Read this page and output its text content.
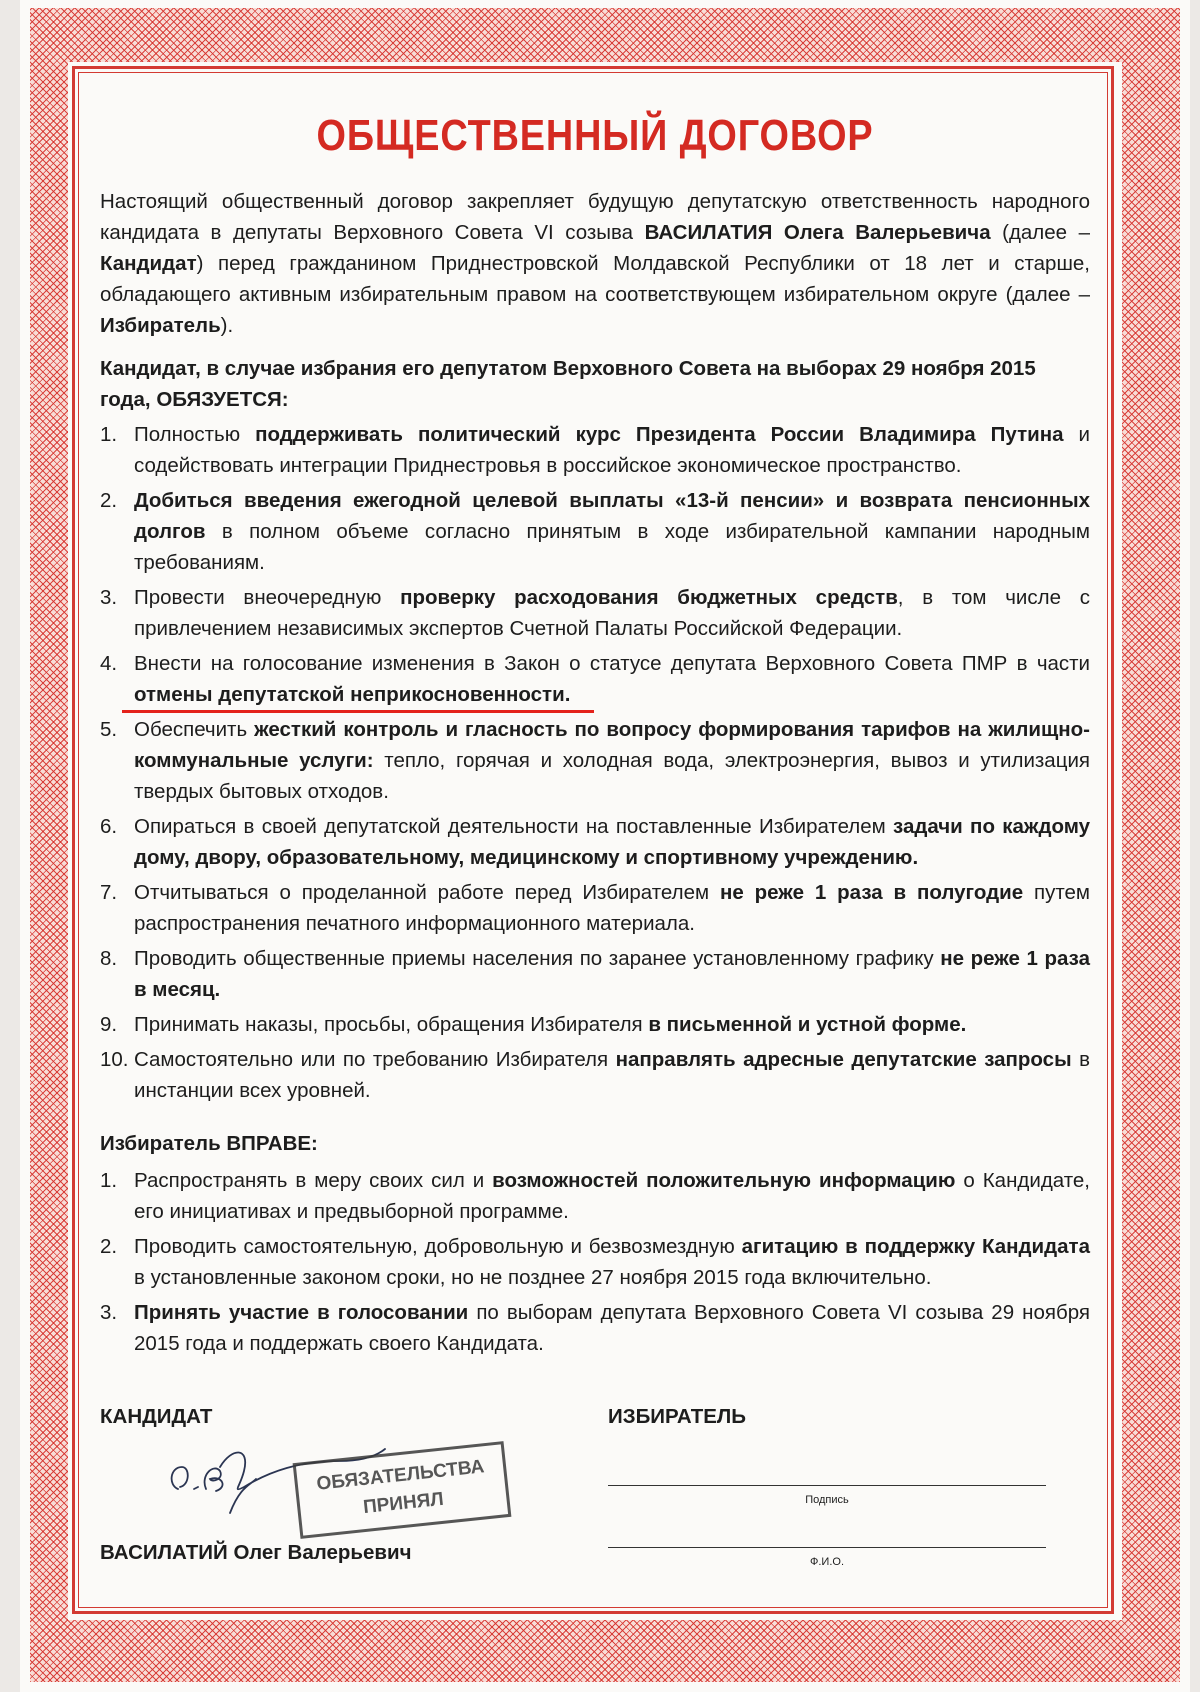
ОБЩЕСТВЕННЫЙ ДОГОВОР

Настоящий общественный договор закрепляет будущую депутатскую ответственность народного кандидата в депутаты Верховного Совета VI созыва ВАСИЛАТИЯ Олега Валерьевича (далее – Кандидат) перед гражданином Приднестровской Молдавской Республики от 18 лет и старше, обладающего активным избирательным правом на соответствующем избирательном округе (далее – Избиратель).

Кандидат, в случае избрания его депутатом Верховного Совета на выборах 29 ноября 2015 года, ОБЯЗУЕТСЯ:

1. Полностью поддерживать политический курс Президента России Владимира Путина и содействовать интеграции Приднестровья в российское экономическое пространство.
2. Добиться введения ежегодной целевой выплаты «13-й пенсии» и возврата пенсионных долгов в полном объеме согласно принятым в ходе избирательной кампании народным требованиям.
3. Провести внеочередную проверку расходования бюджетных средств, в том числе с привлечением независимых экспертов Счетной Палаты Российской Федерации.
4. Внести на голосование изменения в Закон о статусе депутата Верховного Совета ПМР в части отмены депутатской неприкосновенности.
5. Обеспечить жесткий контроль и гласность по вопросу формирования тарифов на жилищно-коммунальные услуги: тепло, горячая и холодная вода, электроэнергия, вывоз и утилизация твердых бытовых отходов.
6. Опираться в своей депутатской деятельности на поставленные Избирателем задачи по каждому дому, двору, образовательному, медицинскому и спортивному учреждению.
7. Отчитываться о проделанной работе перед Избирателем не реже 1 раза в полугодие путем распространения печатного информационного материала.
8. Проводить общественные приемы населения по заранее установленному графику не реже 1 раза в месяц.
9. Принимать наказы, просьбы, обращения Избирателя в письменной и устной форме.
10. Самостоятельно или по требованию Избирателя направлять адресные депутатские запросы в инстанции всех уровней.

Избиратель ВПРАВЕ:

1. Распространять в меру своих сил и возможностей положительную информацию о Кандидате, его инициативах и предвыборной программе.
2. Проводить самостоятельную, добровольную и безвозмездную агитацию в поддержку Кандидата в установленные законом сроки, но не позднее 27 ноября 2015 года включительно.
3. Принять участие в голосовании по выборам депутата Верховного Совета VI созыва 29 ноября 2015 года и поддержать своего Кандидата.
КАНДИДАТ	ИЗБИРАТЕЛЬ
ОБЯЗАТЕЛЬСТВА
ПРИНЯЛ
ВАСИЛАТИЙ Олег Валерьевич
Подпись
Ф.И.О.
